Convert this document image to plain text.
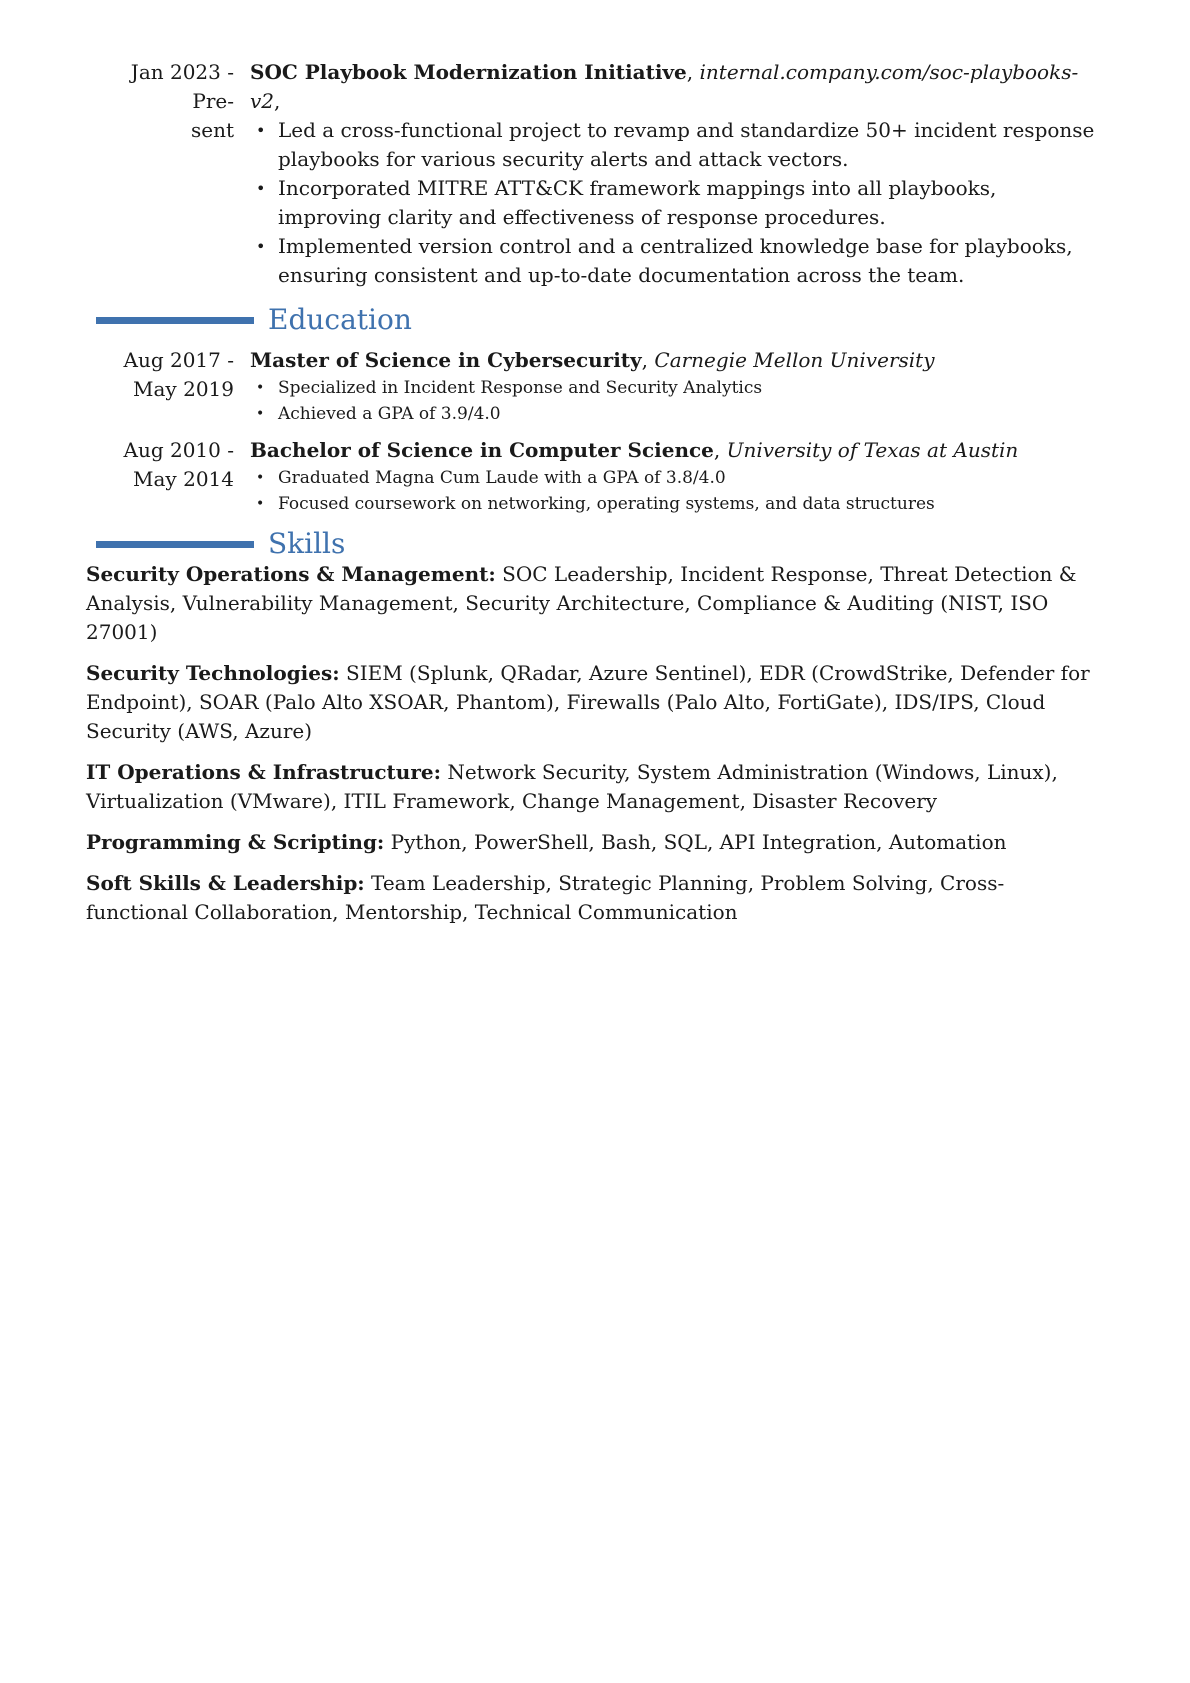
Jan 2023 - Pre-
sent
SOC Playbook Modernization Initiative, internal.company.com/soc-playbooks-v2,
• Led a cross-functional project to revamp and standardize 50+ incident response playbooks for various security alerts and attack vectors.
• Incorporated MITRE ATT&CK framework mappings into all playbooks, improving clarity and effectiveness of response procedures.
• Implemented version control and a centralized knowledge base for playbooks, ensuring consistent and up-to-date documentation across the team.
Education
Aug 2017 -
May 2019
Master of Science in Cybersecurity, Carnegie Mellon University
• Specialized in Incident Response and Security Analytics
• Achieved a GPA of 3.9/4.0
Aug 2010 -
May 2014
Bachelor of Science in Computer Science, University of Texas at Austin
• Graduated Magna Cum Laude with a GPA of 3.8/4.0
• Focused coursework on networking, operating systems, and data structures
Skills
Security Operations & Management: SOC Leadership, Incident Response, Threat Detection & Analysis, Vulnerability Management, Security Architecture, Compliance & Auditing (NIST, ISO 27001)
Security Technologies: SIEM (Splunk, QRadar, Azure Sentinel), EDR (CrowdStrike, Defender for Endpoint), SOAR (Palo Alto XSOAR, Phantom), Firewalls (Palo Alto, FortiGate), IDS/IPS, Cloud Security (AWS, Azure)
IT Operations & Infrastructure: Network Security, System Administration (Windows, Linux), Virtualization (VMware), ITIL Framework, Change Management, Disaster Recovery
Programming & Scripting: Python, PowerShell, Bash, SQL, API Integration, Automation
Soft Skills & Leadership: Team Leadership, Strategic Planning, Problem Solving, Cross-functional Collaboration, Mentorship, Technical Communication
